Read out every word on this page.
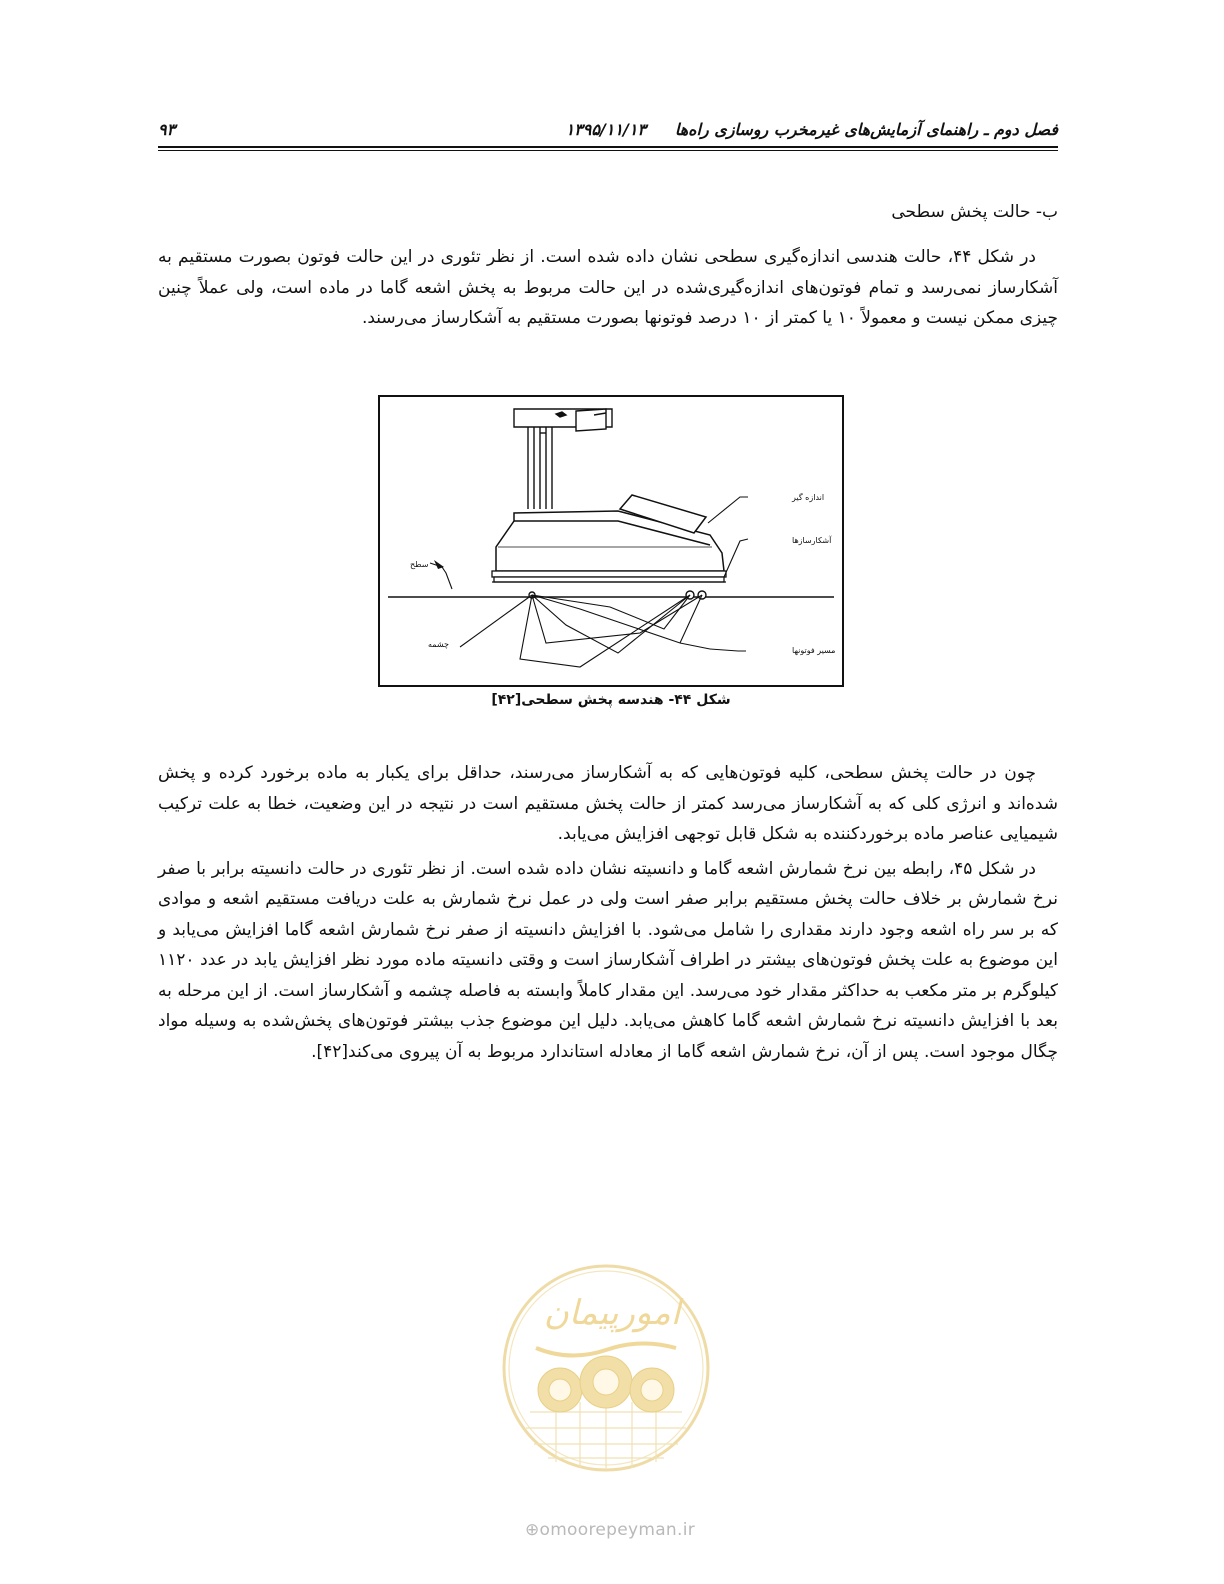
فصل دوم ـ راهنمای آزمایش‌های غیرمخرب روسازی راه‌ها
۱۳۹۵/۱۱/۱۳
۹۳
ب- حالت پخش سطحی

در شکل ۴۴، حالت هندسی اندازه‌گیری سطحی نشان داده شده است. از نظر تئوری در این حالت فوتون بصورت مستقیم به آشکارساز نمی‌رسد و تمام فوتون‌های اندازه‌گیری‌شده در این حالت مربوط به پخش اشعه گاما در ماده است، ولی عملاً چنین چیزی ممکن نیست و معمولاً ۱۰ یا کمتر از ۱۰ درصد فوتونها بصورت مستقیم به آشکارساز می‌رسند.

اندازه گیر
آشکارسازها
سطح
چشمه
مسیر فوتونها
شکل ۴۴- هندسه پخش سطحی[۴۲]

چون در حالت پخش سطحی، کلیه فوتون‌هایی که به آشکارساز می‌رسند، حداقل برای یکبار به ماده برخورد کرده و پخش شده‌اند و انرژی کلی که به آشکارساز می‌رسد کمتر از حالت پخش مستقیم است در نتیجه در این وضعیت، خطا به علت ترکیب شیمیایی عناصر ماده برخوردکننده به شکل قابل توجهی افزایش می‌یابد.

در شکل ۴۵، رابطه بین نرخ شمارش اشعه گاما و دانسیته نشان داده شده است. از نظر تئوری در حالت دانسیته برابر با صفر نرخ شمارش بر خلاف حالت پخش مستقیم برابر صفر است ولی در عمل نرخ شمارش به علت دریافت مستقیم اشعه و موادی که بر سر راه اشعه وجود دارند مقداری را شامل می‌شود. با افزایش دانسیته از صفر نرخ شمارش اشعه گاما افزایش می‌یابد و این موضوع به علت پخش فوتون‌های بیشتر در اطراف آشکارساز است و وقتی دانسیته ماده مورد نظر افزایش یابد در عدد ۱۱۲۰ کیلوگرم بر متر مکعب به حداکثر مقدار خود می‌رسد. این مقدار کاملاً وابسته به فاصله چشمه و آشکارساز است. از این مرحله به بعد با افزایش دانسیته نرخ شمارش اشعه گاما کاهش می‌یابد. دلیل این موضوع جذب بیشتر فوتون‌های پخش‌شده به وسیله مواد چگال موجود است. پس از آن، نرخ شمارش اشعه گاما از معادله استاندارد مربوط به آن پیروی می‌کند[۴۲].

امورپیمان
⊕omoorepeyman.ir
